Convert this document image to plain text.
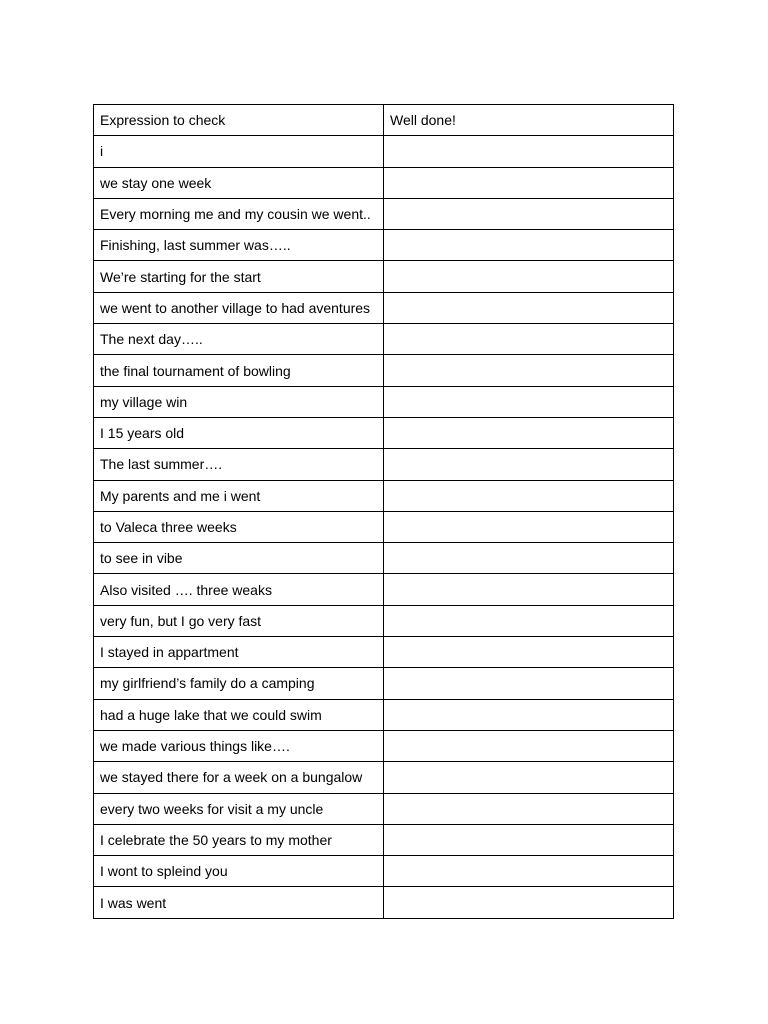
Expression to check	Well done!
i	
we stay one week	
Every morning me and my cousin we went..	
Finishing, last summer was…..	
We’re starting for the start	
we went to another village to had aventures	
The next day…..	
the final tournament of bowling	
my village win	
I 15 years old	
The last summer….	
My parents and me i went	
to Valeca three weeks	
to see in vibe	
Also visited …. three weaks	
very fun, but I go very fast	
I stayed in appartment	
my girlfriend’s family do a camping	
had a huge lake that we could swim	
we made various things like….	
we stayed there for a week on a bungalow	
every two weeks for visit a my uncle	
I celebrate the 50 years to my mother	
I wont to spleind you	
I was went	
